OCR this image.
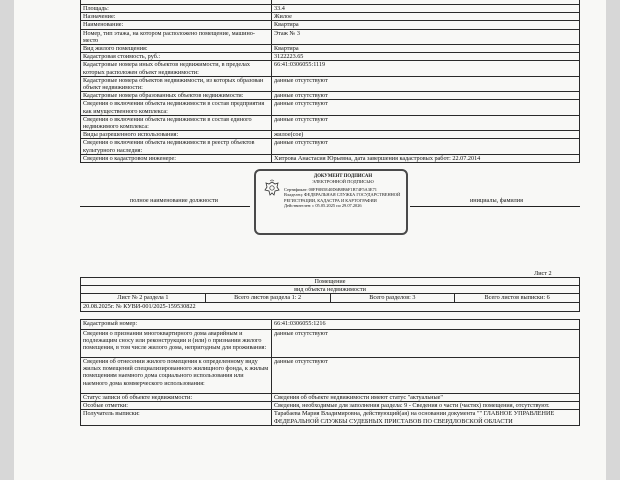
Площадь:	33.4
Назначение:	Жилое
Наименование:	Квартира
Номер, тип этажа, на котором расположено помещение, машино-место	Этаж № 3
Вид жилого помещения:	Квартира
Кадастровая стоимость, руб.:	3122223.65
Кадастровые номера иных объектов недвижимости, в пределах которых расположен объект недвижимости:	66:41:0306055:1119
Кадастровые номера объектов недвижимости, из которых образован объект недвижимости:	данные отсутствуют
Кадастровые номера образованных объектов недвижимости:	данные отсутствуют
Сведения о включении объекта недвижимости в состав предприятия как имущественного комплекса:	данные отсутствуют
Сведения о включении объекта недвижимости в состав единого недвижимого комплекса:	данные отсутствуют
Виды разрешенного использования:	жилое(сое)
Сведения о включении объекта недвижимости в реестр объектов культурного наследия:	данные отсутствуют
Сведения о кадастровом инженере:	Хитрова Анастасия Юрьевна, дата завершения кадастровых работ: 22.07.2014
полное наименование должности	инициалы, фамилия
ДОКУМЕНТ ПОДПИСАН
ЭЛЕКТРОННОЙ ПОДПИСЬЮ
Сертификат: 00FF0B5E40D6B8B6F1B74F5A3E71
Владелец: ФЕДЕРАЛЬНАЯ СЛУЖБА ГОСУДАРСТВЕННОЙ
РЕГИСТРАЦИИ, КАДАСТРА И КАРТОГРАФИИ
Действителен: с 05.05.2025 по 29.07.2026
Лист 2
Помещение
вид объекта недвижимости
Лист № 2 раздела 1	Всего листов раздела 1: 2	Всего разделов: 3	Всего листов выписки: 6
20.08.2025г. № КУВИ-001/2025-159530822
Кадастровый номер:	66:41:0306055:1216
Сведения о признании многоквартирного дома аварийным и подлежащим сносу или реконструкции и (или) о признании жилого помещения, в том числе жилого дома, непригодным для проживания:	данные отсутствуют
Сведения об отнесении жилого помещения к определенному виду жилых помещений специализированного жилищного фонда, к жилым помещениям наемного дома социального использования или наемного дома коммерческого использования:	данные отсутствуют
Статус записи об объекте недвижимости:	Сведения об объекте недвижимости имеют статус "актуальные"
Особые отметки:	Сведения, необходимые для заполнения раздела: 9 - Сведения о части (частях) помещения, отсутствуют.
Получатель выписки:	Тарабаева Мария Владимировна, действующий(ая) на основании документа "" ГЛАВНОЕ УПРАВЛЕНИЕ ФЕДЕРАЛЬНОЙ СЛУЖБЫ СУДЕБНЫХ ПРИСТАВОВ ПО СВЕРДЛОВСКОЙ ОБЛАСТИ
